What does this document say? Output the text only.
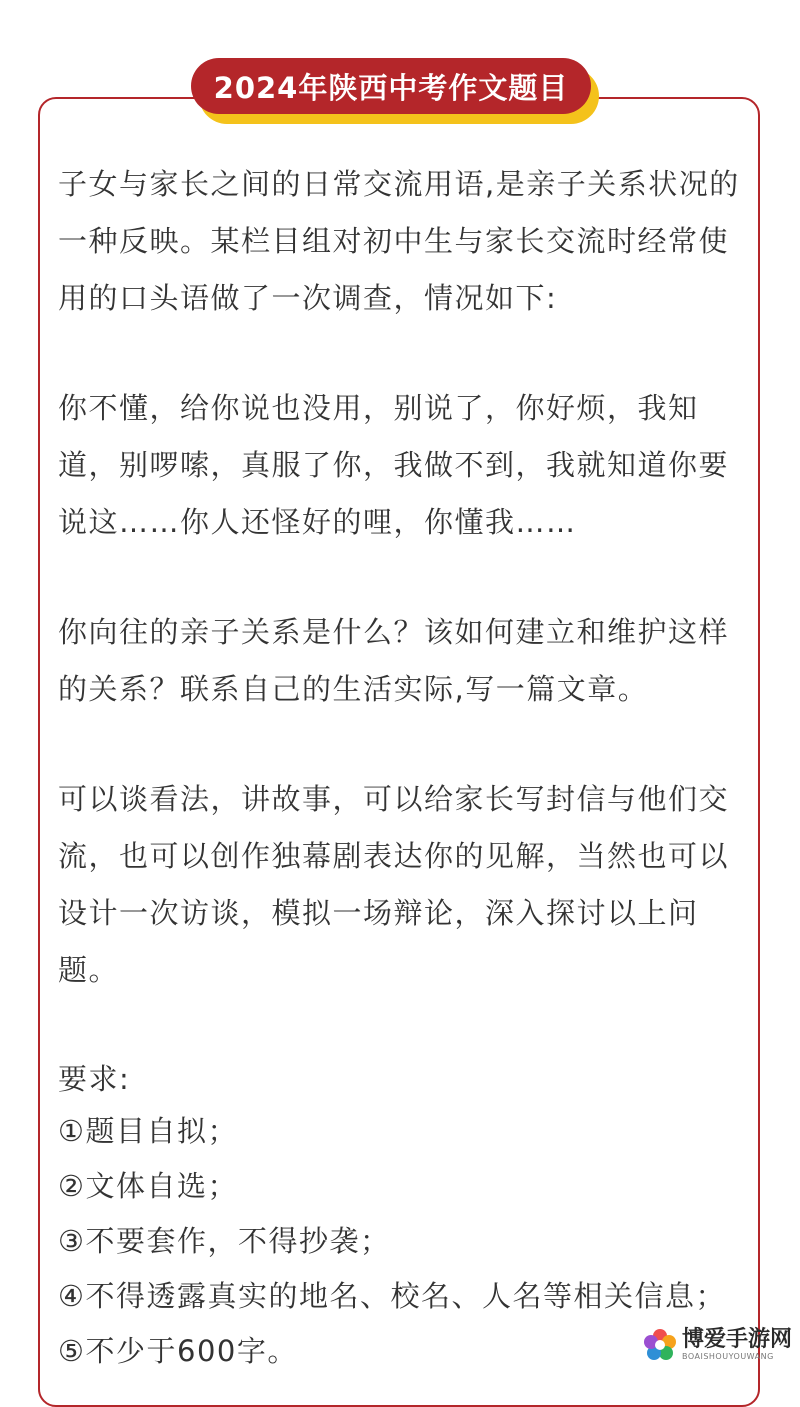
2024年陕西中考作文题目

子女与家长之间的日常交流用语,是亲子关系状况的一种反映。某栏目组对初中生与家长交流时经常使用的口头语做了一次调查，情况如下:

你不懂，给你说也没用，别说了，你好烦，我知道，别啰嗦，真服了你，我做不到，我就知道你要说这……你人还怪好的哩，你懂我……

你向往的亲子关系是什么？该如何建立和维护这样的关系？联系自己的生活实际,写一篇文章。

可以谈看法，讲故事，可以给家长写封信与他们交流，也可以创作独幕剧表达你的见解，当然也可以设计一次访谈，模拟一场辩论，深入探讨以上问题。

要求:

①题目自拟；

②文体自选；

③不要套作，不得抄袭；

④不得透露真实的地名、校名、人名等相关信息；

⑤不少于600字。	博爱手游网
BOAISHOUYOUWANG
